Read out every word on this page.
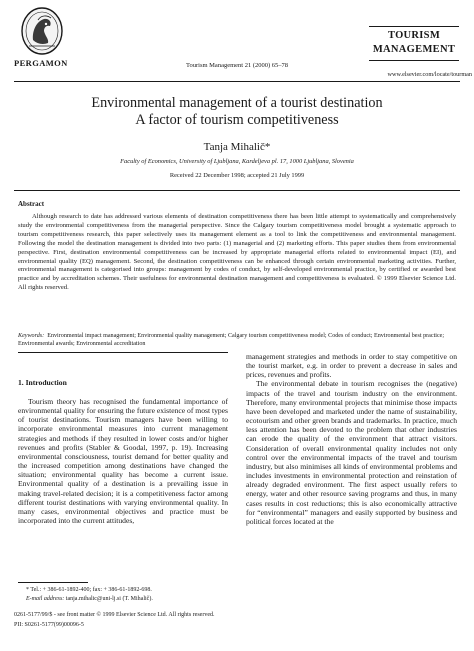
PERGAMON	Tourism Management 21 (2000) 65–78
TOURISM
MANAGEMENT
www.elsevier.com/locate/tourman
Environmental management of a tourist destination
A factor of tourism competitiveness
Tanja Mihalič*
Faculty of Economics, University of Ljubljana, Kardeljeva pl. 17, 1000 Ljubljana, Slovenia
Received 22 December 1998; accepted 21 July 1999
Abstract
Although research to date has addressed various elements of destination competitiveness there has been little attempt to systematically and comprehensively study the environmental competitiveness from the managerial perspective. Since the Calgary tourism competitiveness model brought a systematic approach to tourism competitiveness research, this paper selectively uses its management element as a tool to link the competitiveness and environmental management. Following the model the destination management is divided into two parts: (1) managerial and (2) marketing efforts. This paper studies them from environmental perspective. First, destination environmental competitiveness can be increased by appropriate managerial efforts related to environmental impact (EI), and environmental quality (EQ) management. Second, the destination competitiveness can be enhanced through certain environmental marketing activities. Further, environmental management is categorised into groups: management by codes of conduct, by self-developed environmental practice, by certified or awarded best practice and by accreditation schemes. Their usefulness for environmental destination management and competitiveness is evaluated. © 1999 Elsevier Science Ltd. All rights reserved.
Keywords: Environmental impact management; Environmental quality management; Calgary tourism competitiveness model; Codes of conduct; Environmental best practice; Environmental awards; Environmental accreditation
1. Introduction
Tourism theory has recognised the fundamental importance of environmental quality for ensuring the future existence of most types of tourist destinations. Tourism managers have been willing to incorporate environmental measures into current management strategies and methods if they resulted in lower costs and/or higher revenues and profits (Stabler & Goodal, 1997, p. 19). Increasing environmental consciousness, tourist demand for better quality and the increased competition among destinations have changed the situation; environmental quality has become a current issue. Environmental quality of a destination is a prevailing issue in making travel-related decision; it is a competitiveness factor among different tourist destinations with varying environmental quality. In many cases, environmental objectives and practice must be incorporated into the current attitudes,

management strategies and methods in order to stay competitive on the tourist market, e.g. in order to prevent a decrease in sales and prices, revenues and profits.

The environmental debate in tourism recognises the (negative) impacts of the travel and tourism industry on the environment. Therefore, many environmental projects that minimise those impacts have been developed and marketed under the name of sustainability, ecotourism and other green brands and trademarks. In practice, much less attention has been devoted to the problem that other industries can erode the quality of the environment that attract visitors. Consideration of overall environmental quality includes not only control over the environmental impacts of the travel and tourism industry, but also minimises all kinds of environmental problems and includes investments in environmental protection and reinstation of already degraded environment. The first aspect usually refers to energy, water and other resource saving programs and thus, in many cases results in cost reductions; this is also economically attractive for “environmental” managers and easily supported by business and political forces located at the

* Tel.: + 386-61-1892-400; fax: + 386-61-1892-698.
E-mail address: tanja.mihalic@uni-lj.si (T. Mihalič).
0261-5177/99/$ - see front matter © 1999 Elsevier Science Ltd. All rights reserved.
PII: S0261-5177(99)00096-5
